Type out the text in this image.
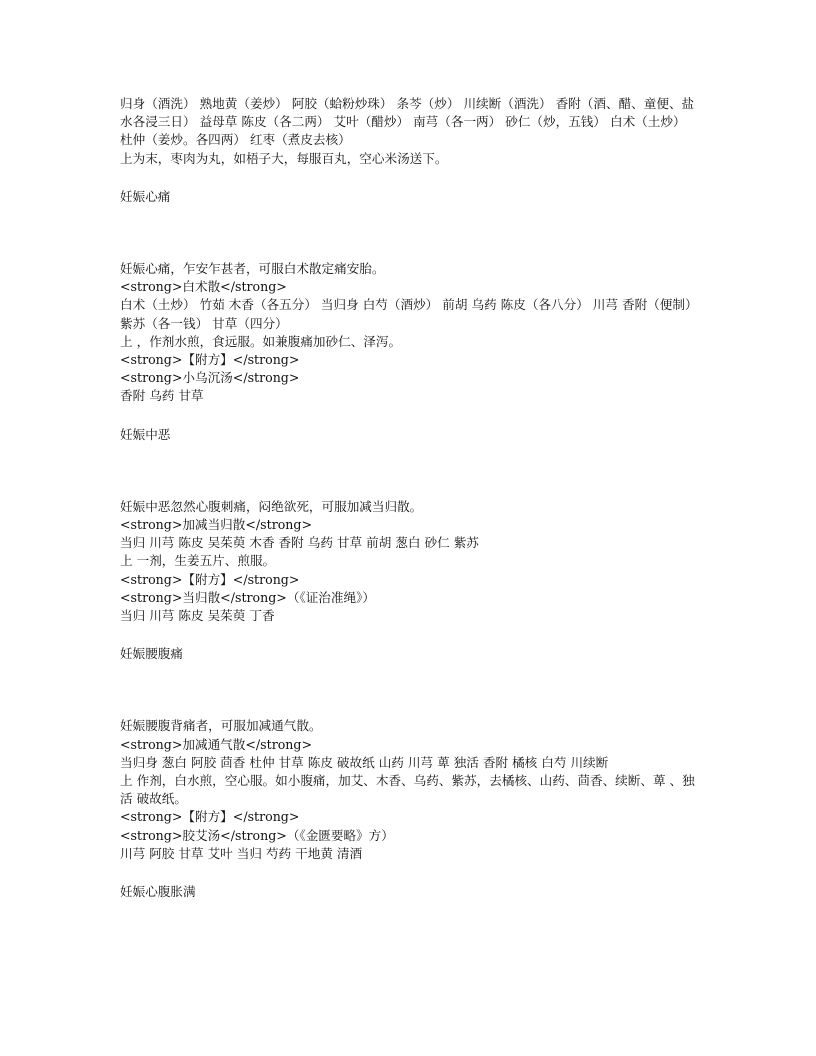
归身（酒洗） 熟地黄（姜炒） 阿胶（蛤粉炒珠） 条芩（炒） 川续断（酒洗） 香附（酒、醋、童便、盐水各浸三日） 益母草 陈皮（各二两） 艾叶（醋炒） 南芎（各一两） 砂仁（炒，五钱） 白术（土炒） 杜仲（姜炒。各四两） 红枣（煮皮去核）

上为末，枣肉为丸，如梧子大，每服百丸，空心米汤送下。

妊娠心痛

妊娠心痛，乍安乍甚者，可服白术散定痛安胎。

<strong>白术散</strong>

白术（土炒） 竹茹 木香（各五分） 当归身 白芍（酒炒） 前胡 乌药 陈皮（各八分） 川芎 香附（便制） 紫苏（各一钱） 甘草（四分）

上 ，作剂水煎，食远服。如兼腹痛加砂仁、泽泻。

<strong>【附方】</strong>

<strong>小乌沉汤</strong>

香附 乌药 甘草

妊娠中恶

妊娠中恶忽然心腹刺痛，闷绝欲死，可服加减当归散。

<strong>加减当归散</strong>

当归 川芎 陈皮 吴茱萸 木香 香附 乌药 甘草 前胡 葱白 砂仁 紫苏

上 一剂，生姜五片、煎服。

<strong>【附方】</strong>

<strong>当归散</strong>（《证治准绳》）

当归 川芎 陈皮 吴茱萸 丁香

妊娠腰腹痛

妊娠腰腹背痛者，可服加减通气散。

<strong>加减通气散</strong>

当归身 葱白 阿胶 茴香 杜仲 甘草 陈皮 破故纸 山药 川芎 萆 独活 香附 橘核 白芍 川续断

上 作剂，白水煎，空心服。如小腹痛，加艾、木香、乌药、紫苏，去橘核、山药、茴香、续断、萆 、独活 破故纸。

<strong>【附方】</strong>

<strong>胶艾汤</strong>（《金匮要略》方）

川芎 阿胶 甘草 艾叶 当归 芍药 干地黄 清酒

妊娠心腹胀满
